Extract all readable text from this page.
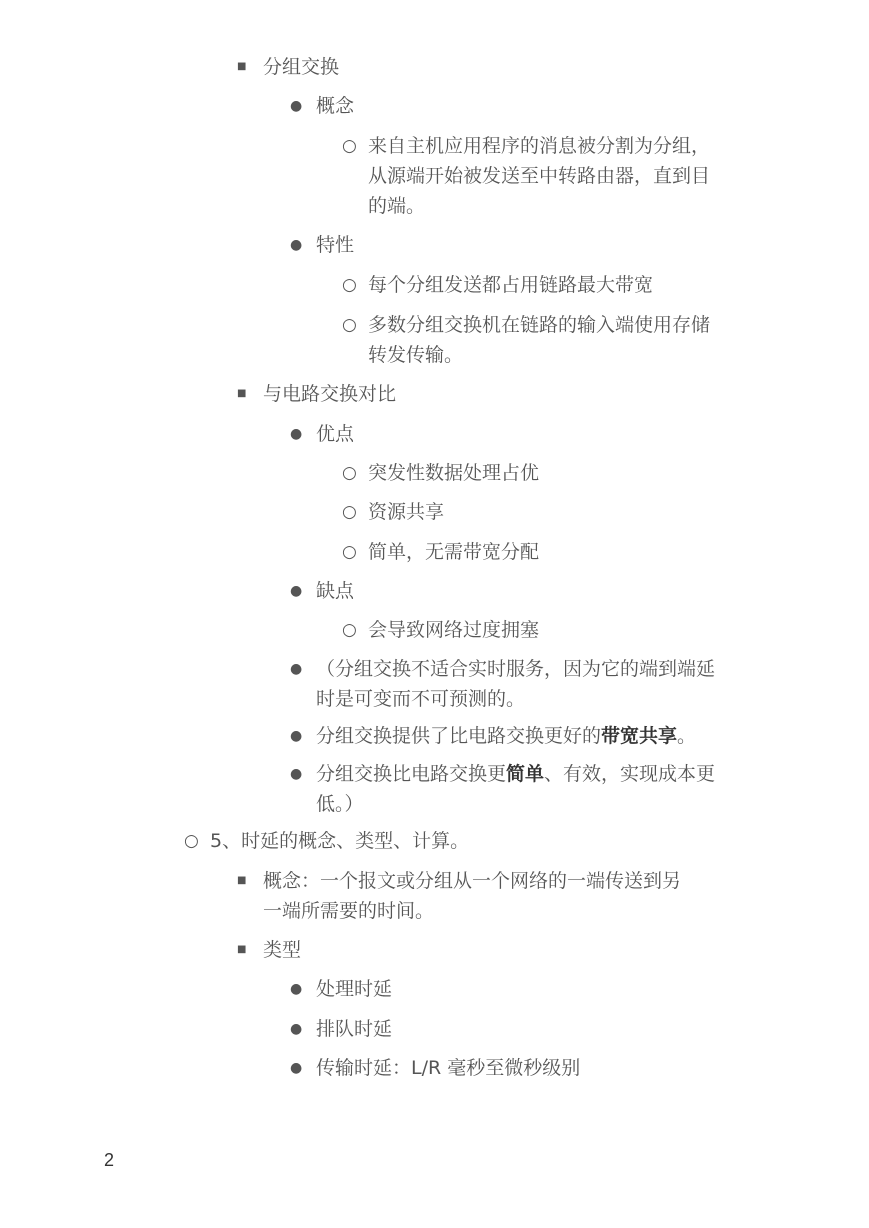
■ 分组交换
● 概念
○ 来自主机应用程序的消息被分割为分组，
从源端开始被发送至中转路由器，直到目
的端。
● 特性
○ 每个分组发送都占用链路最大带宽
○ 多数分组交换机在链路的输入端使用存储
转发传输。
■ 与电路交换对比
● 优点
○ 突发性数据处理占优
○ 资源共享
○ 简单，无需带宽分配
● 缺点
○ 会导致网络过度拥塞
● （分组交换不适合实时服务，因为它的端到端延
时是可变而不可预测的。
● 分组交换提供了比电路交换更好的带宽共享。
● 分组交换比电路交换更简单、有效，实现成本更
低。）
○ 5、时延的概念、类型、计算。
■ 概念：一个报文或分组从一个网络的一端传送到另
一端所需要的时间。
■ 类型
● 处理时延
● 排队时延
● 传输时延：L/R 毫秒至微秒级别
2
